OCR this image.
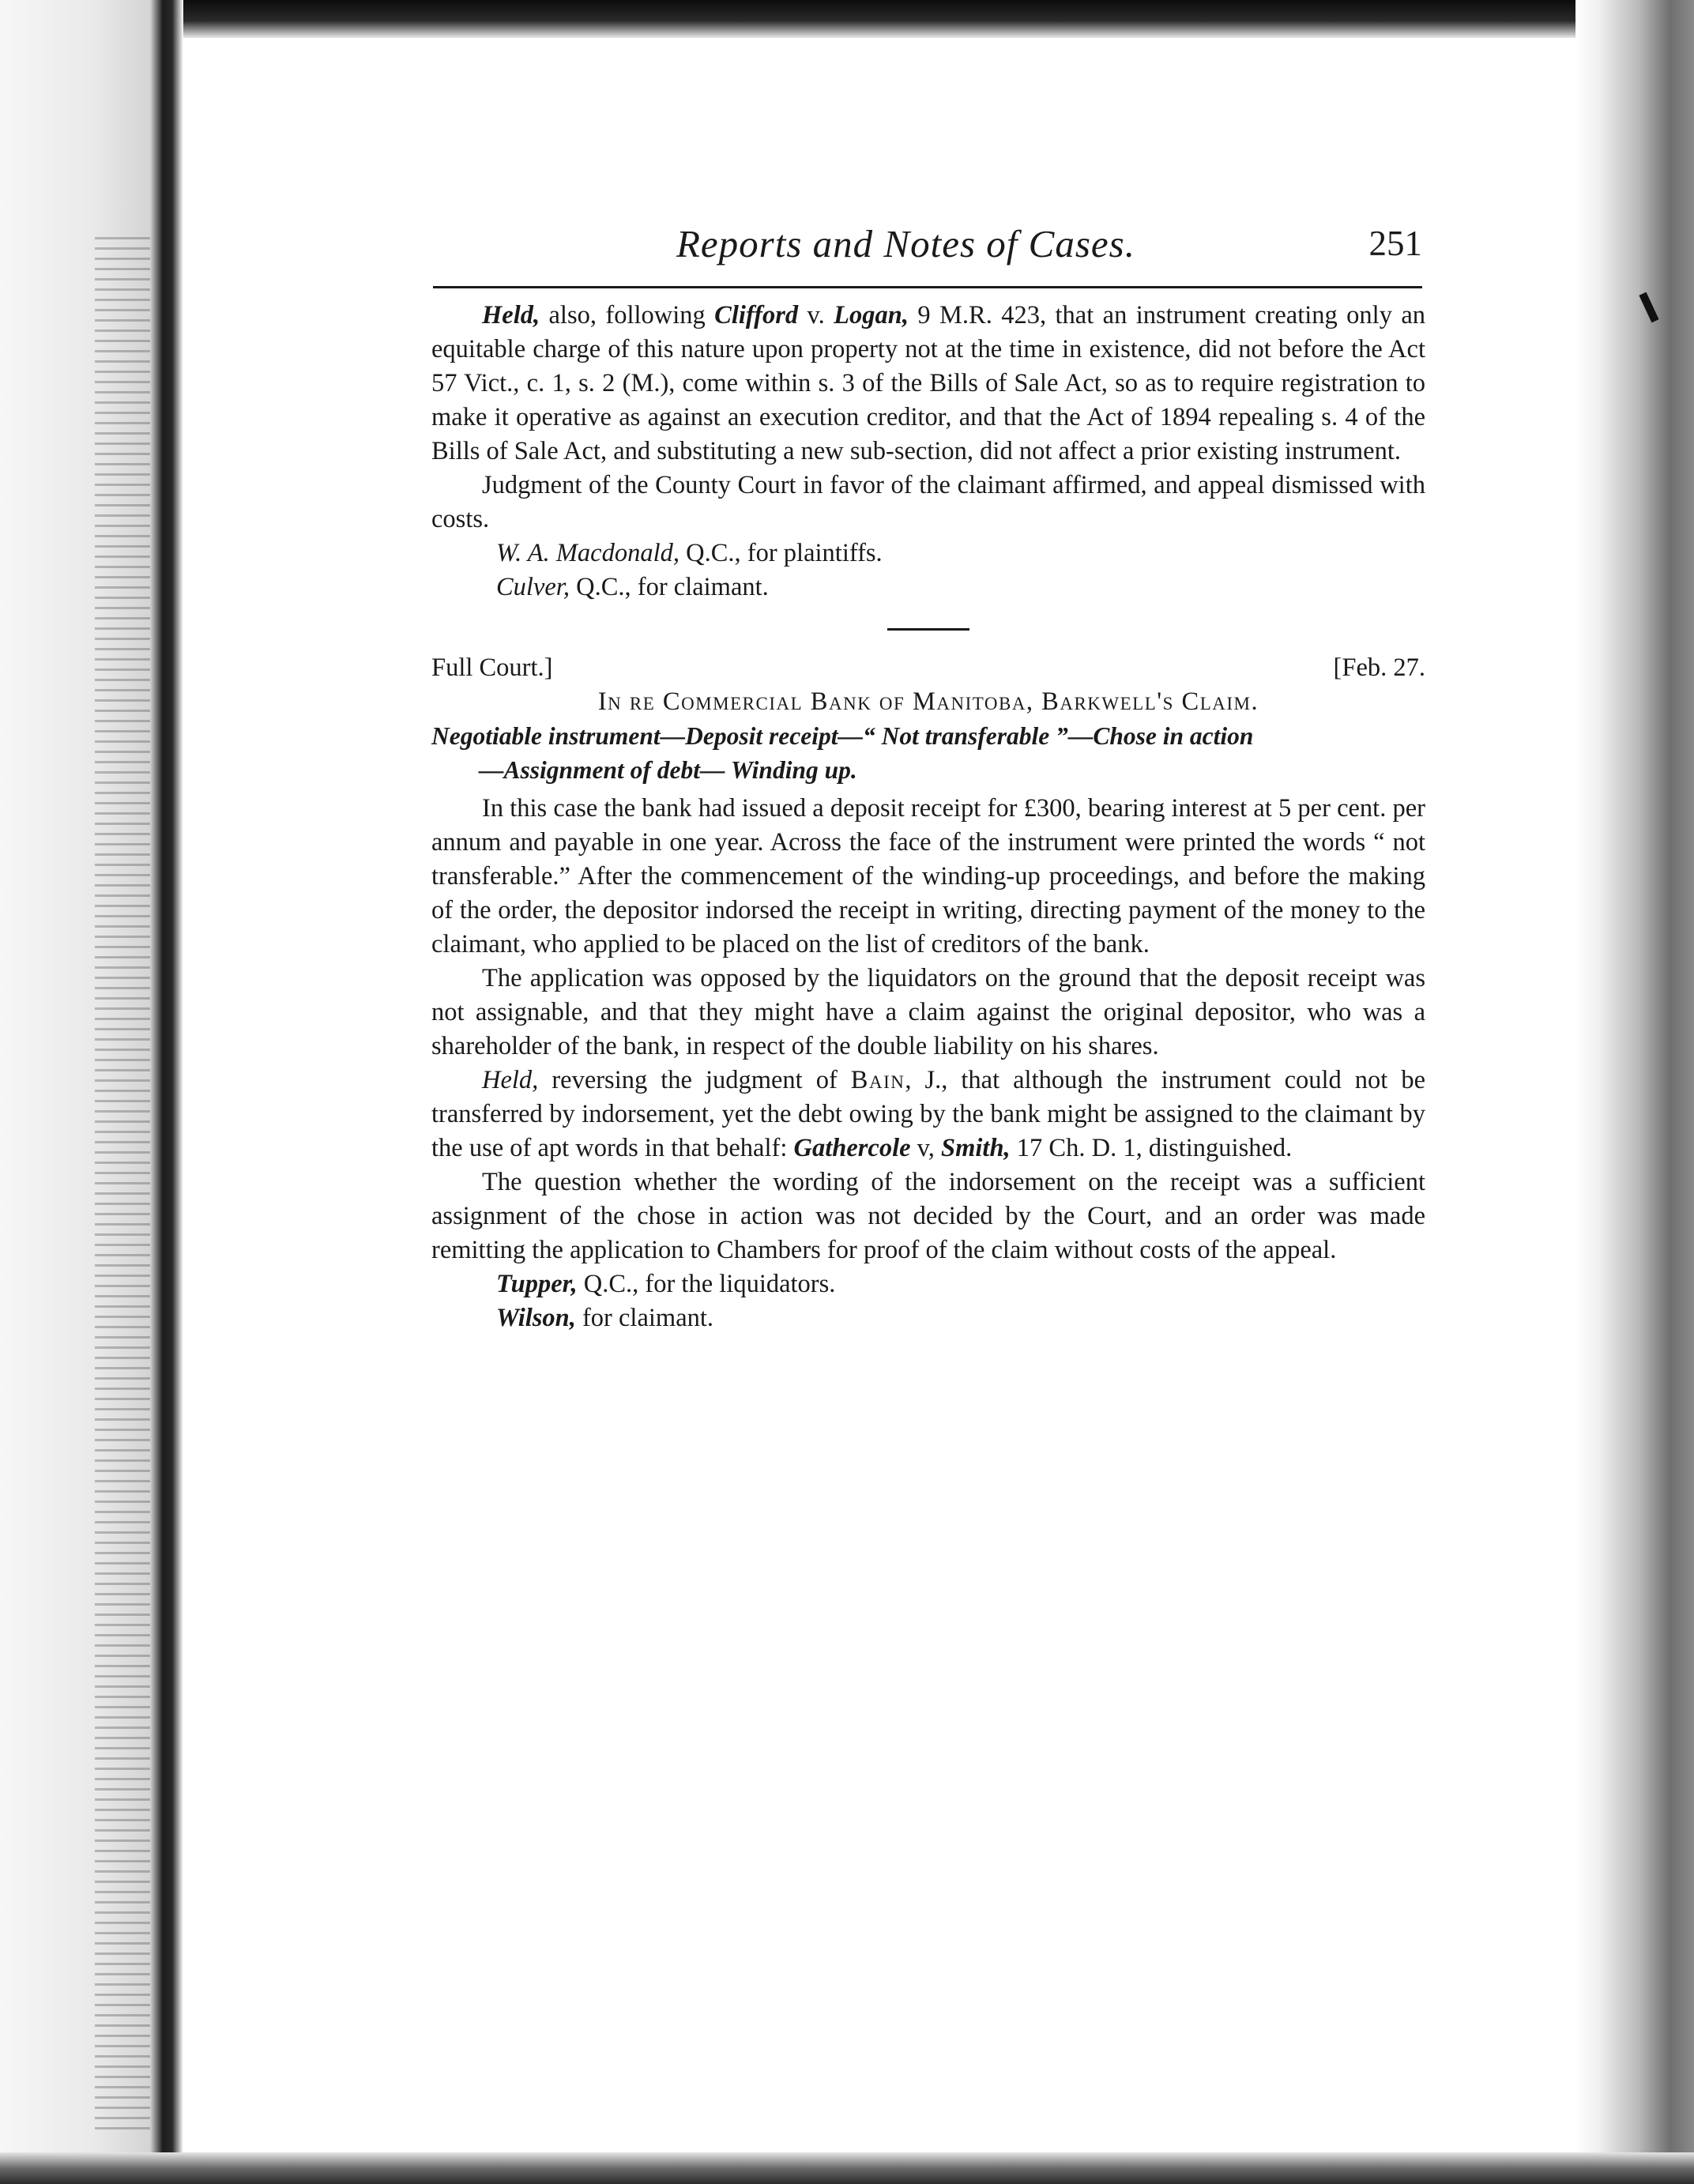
Reports and Notes of Cases.	251

Held, also, following Clifford v. Logan, 9 M.R. 423, that an instrument creating only an equitable charge of this nature upon property not at the time in existence, did not before the Act 57 Vict., c. 1, s. 2 (M.), come within s. 3 of the Bills of Sale Act, so as to require registration to make it operative as against an execution creditor, and that the Act of 1894 repealing s. 4 of the Bills of Sale Act, and substituting a new sub-section, did not affect a prior existing instrument.

Judgment of the County Court in favor of the claimant affirmed, and appeal dismissed with costs.

W. A. Macdonald, Q.C., for plaintiffs.

Culver, Q.C., for claimant.

Full Court.]	[Feb. 27.

In re Commercial Bank of Manitoba, Barkwell's Claim.

Negotiable instrument—Deposit receipt—“ Not transferable ”—Chose in action

—Assignment of debt— Winding up.

In this case the bank had issued a deposit receipt for £300, bearing interest at 5 per cent. per annum and payable in one year. Across the face of the instrument were printed the words “ not transferable.” After the commencement of the winding-up proceedings, and before the making of the order, the depositor indorsed the receipt in writing, directing payment of the money to the claimant, who applied to be placed on the list of creditors of the bank.

The application was opposed by the liquidators on the ground that the deposit receipt was not assignable, and that they might have a claim against the original depositor, who was a shareholder of the bank, in respect of the double liability on his shares.

Held, reversing the judgment of Bain, J., that although the instrument could not be transferred by indorsement, yet the debt owing by the bank might be assigned to the claimant by the use of apt words in that behalf: Gathercole v, Smith, 17 Ch. D. 1, distinguished.

The question whether the wording of the indorsement on the receipt was a sufficient assignment of the chose in action was not decided by the Court, and an order was made remitting the application to Chambers for proof of the claim without costs of the appeal.

Tupper, Q.C., for the liquidators.

Wilson, for claimant.
